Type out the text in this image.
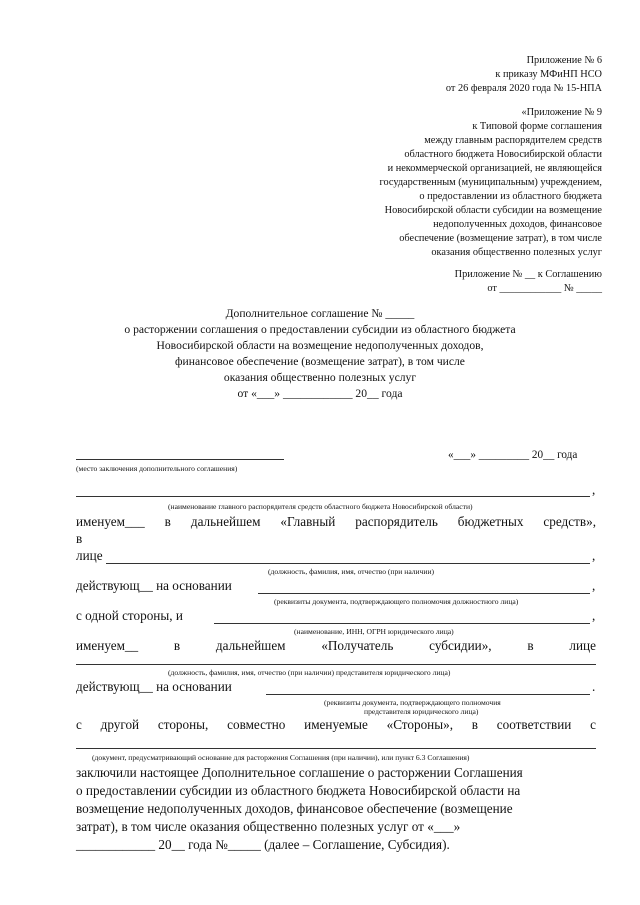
Приложение № 6
к приказу МФиНП НСО
от 26 февраля 2020 года № 15-НПА
«Приложение № 9
к Типовой форме соглашения
между главным распорядителем средств
областного бюджета Новосибирской области
и некоммерческой организацией, не являющейся
государственным (муниципальным) учреждением,
о предоставлении из областного бюджета
Новосибирской области субсидии на возмещение
недополученных доходов, финансовое
обеспечение (возмещение затрат), в том числе
оказания общественно полезных услуг
Приложение № __ к Соглашению
от ____________ № _____
Дополнительное соглашение № _____
о расторжении соглашения о предоставлении субсидии из областного бюджета
Новосибирской области на возмещение недополученных доходов,
финансовое обеспечение (возмещение затрат), в том числе
оказания общественно полезных услуг
от «___» ____________ 20__ года
«___» _________ 20__ года
(место заключения дополнительного соглашения)
,
(наименование главного распорядителя средств областного бюджета Новосибирской области)
именуем___ в дальнейшем «Главный распорядитель бюджетных средств»,
в
лице	,
(должность, фамилия, имя, отчество (при наличии)
действующ__ на основании	,
(реквизиты документа, подтверждающего полномочия должностного лица)
с одной стороны, и	,
(наименование, ИНН, ОГРН юридического лица)
именуем__	в	дальнейшем	«Получатель	субсидии»,	в	лице
(должность, фамилия, имя, отчество (при наличии) представителя юридического лица)
действующ__ на основании	.
(реквизиты документа, подтверждающего полномочия
представителя юридического лица)
с другой стороны, совместно именуемые «Стороны», в соответствии с
(документ, предусматривающий основание для расторжения Соглашения (при наличии), или пункт 6.3 Соглашения)
заключили настоящее Дополнительное соглашение о расторжении Соглашения
о предоставлении субсидии из областного бюджета Новосибирской области на
возмещение недополученных доходов, финансовое обеспечение (возмещение
затрат), в том числе оказания общественно полезных услуг от «___»
____________ 20__ года №_____ (далее – Соглашение, Субсидия).
